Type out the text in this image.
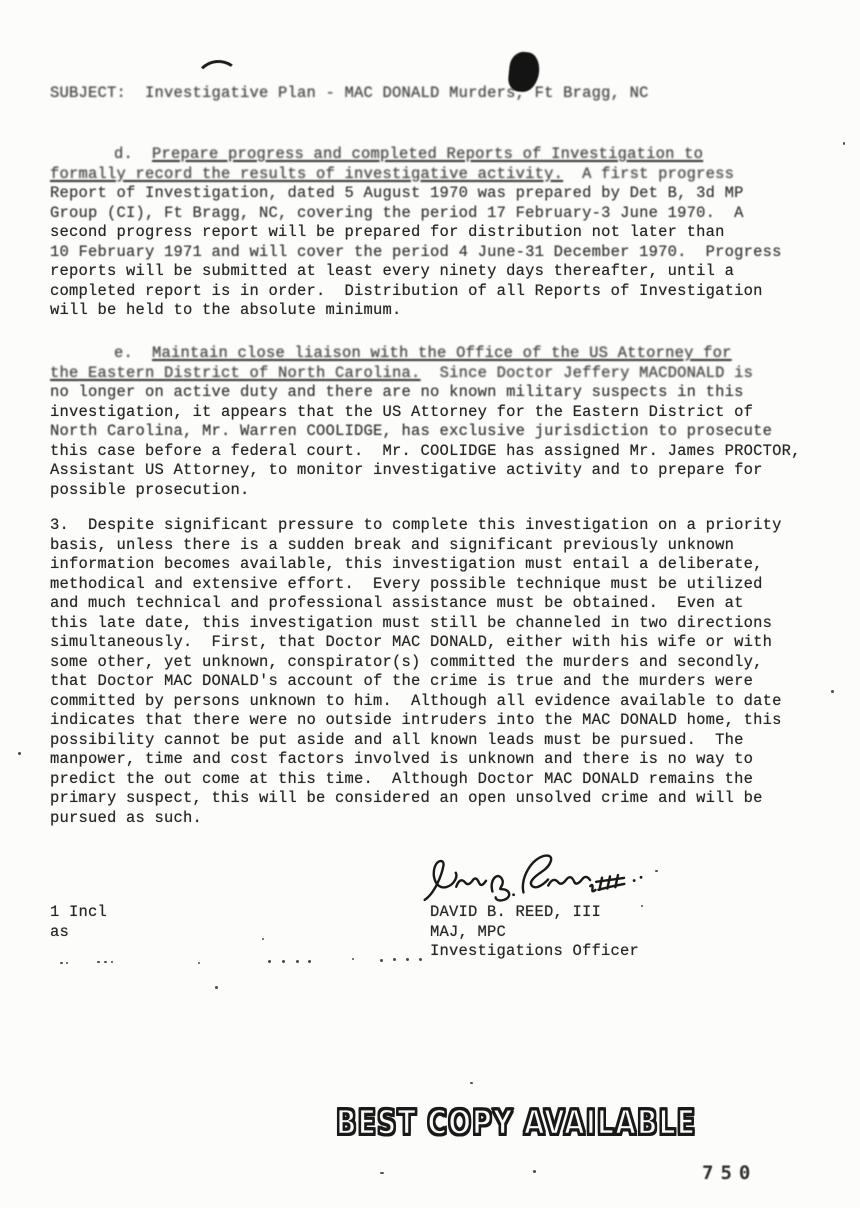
SUBJECT:  Investigative Plan - MAC DONALD Murders, Ft Bragg, NC
d.  Prepare progress and completed Reports of Investigation to
formally record the results of investigative activity.  A first progress
Report of Investigation, dated 5 August 1970 was prepared by Det B, 3d MP
Group (CI), Ft Bragg, NC, covering the period 17 February-3 June 1970.  A
second progress report will be prepared for distribution not later than
10 February 1971 and will cover the period 4 June-31 December 1970.  Progress
reports will be submitted at least every ninety days thereafter, until a
completed report is in order.  Distribution of all Reports of Investigation
will be held to the absolute minimum.
e.  Maintain close liaison with the Office of the US Attorney for
the Eastern District of North Carolina.  Since Doctor Jeffery MACDONALD is
no longer on active duty and there are no known military suspects in this
investigation, it appears that the US Attorney for the Eastern District of
North Carolina, Mr. Warren COOLIDGE, has exclusive jurisdiction to prosecute
this case before a federal court.  Mr. COOLIDGE has assigned Mr. James PROCTOR,
Assistant US Attorney, to monitor investigative activity and to prepare for
possible prosecution.
3.  Despite significant pressure to complete this investigation on a priority
basis, unless there is a sudden break and significant previously unknown
information becomes available, this investigation must entail a deliberate,
methodical and extensive effort.  Every possible technique must be utilized
and much technical and professional assistance must be obtained.  Even at
this late date, this investigation must still be channeled in two directions
simultaneously.  First, that Doctor MAC DONALD, either with his wife or with
some other, yet unknown, conspirator(s) committed the murders and secondly,
that Doctor MAC DONALD's account of the crime is true and the murders were
committed by persons unknown to him.  Although all evidence available to date
indicates that there were no outside intruders into the MAC DONALD home, this
possibility cannot be put aside and all known leads must be pursued.  The
manpower, time and cost factors involved is unknown and there is no way to
predict the out come at this time.  Although Doctor MAC DONALD remains the
primary suspect, this will be considered an open unsolved crime and will be
pursued as such.
1 Incl
as
DAVID B. REED, III
MAJ, MPC
Investigations Officer
BEST COPY AVAILABLE
750
